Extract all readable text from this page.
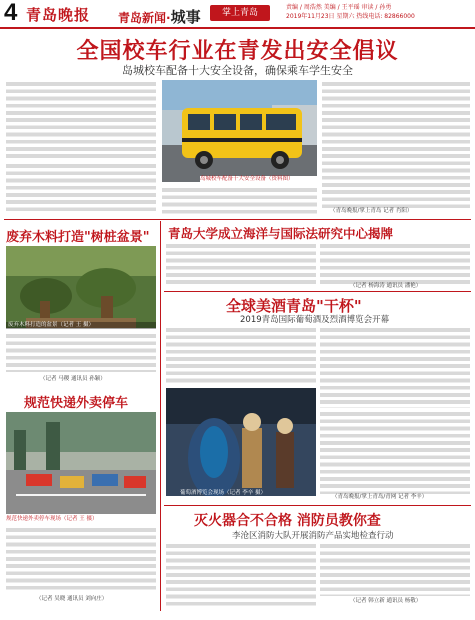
4 青岛晚报 青岛新闻·城事	掌上青岛
责编 / 周浩然 美编 / 王平瑶 审读 / 孙勇
2019年11月23日 星期六 热线电话: 82866000
全国校车行业在青发出安全倡议
岛城校车配备十大安全设备，确保乘车学生安全
岛城校车配备十大安全设备（资料图）
（青岛晚报/掌上青岛 记者 肖阳）
废弃木料打造"树桩盆景"
废弃木料打造的盆景（记者 王 摄）
（记者 马稷 通讯员 孙颖）
规范快递外卖停车
规范快递外卖停车现场（记者 王 摄）
（记者 吴晓 通讯员 刘向庄）
青岛大学成立海洋与国际法研究中心揭牌
（记者 杨海涛 通讯员 潘艳）
全球美酒青岛"干杯"
2019青岛国际葡萄酒及烈酒博览会开幕
葡萄酒博览会现场（记者 李辛 摄）
（青岛晚报/掌上青岛/青网 记者 李辛）
灭火器合不合格 消防员教你查
李沧区消防大队开展消防产品实地检查行动
（记者 韩立新 通讯员 杨敬）
